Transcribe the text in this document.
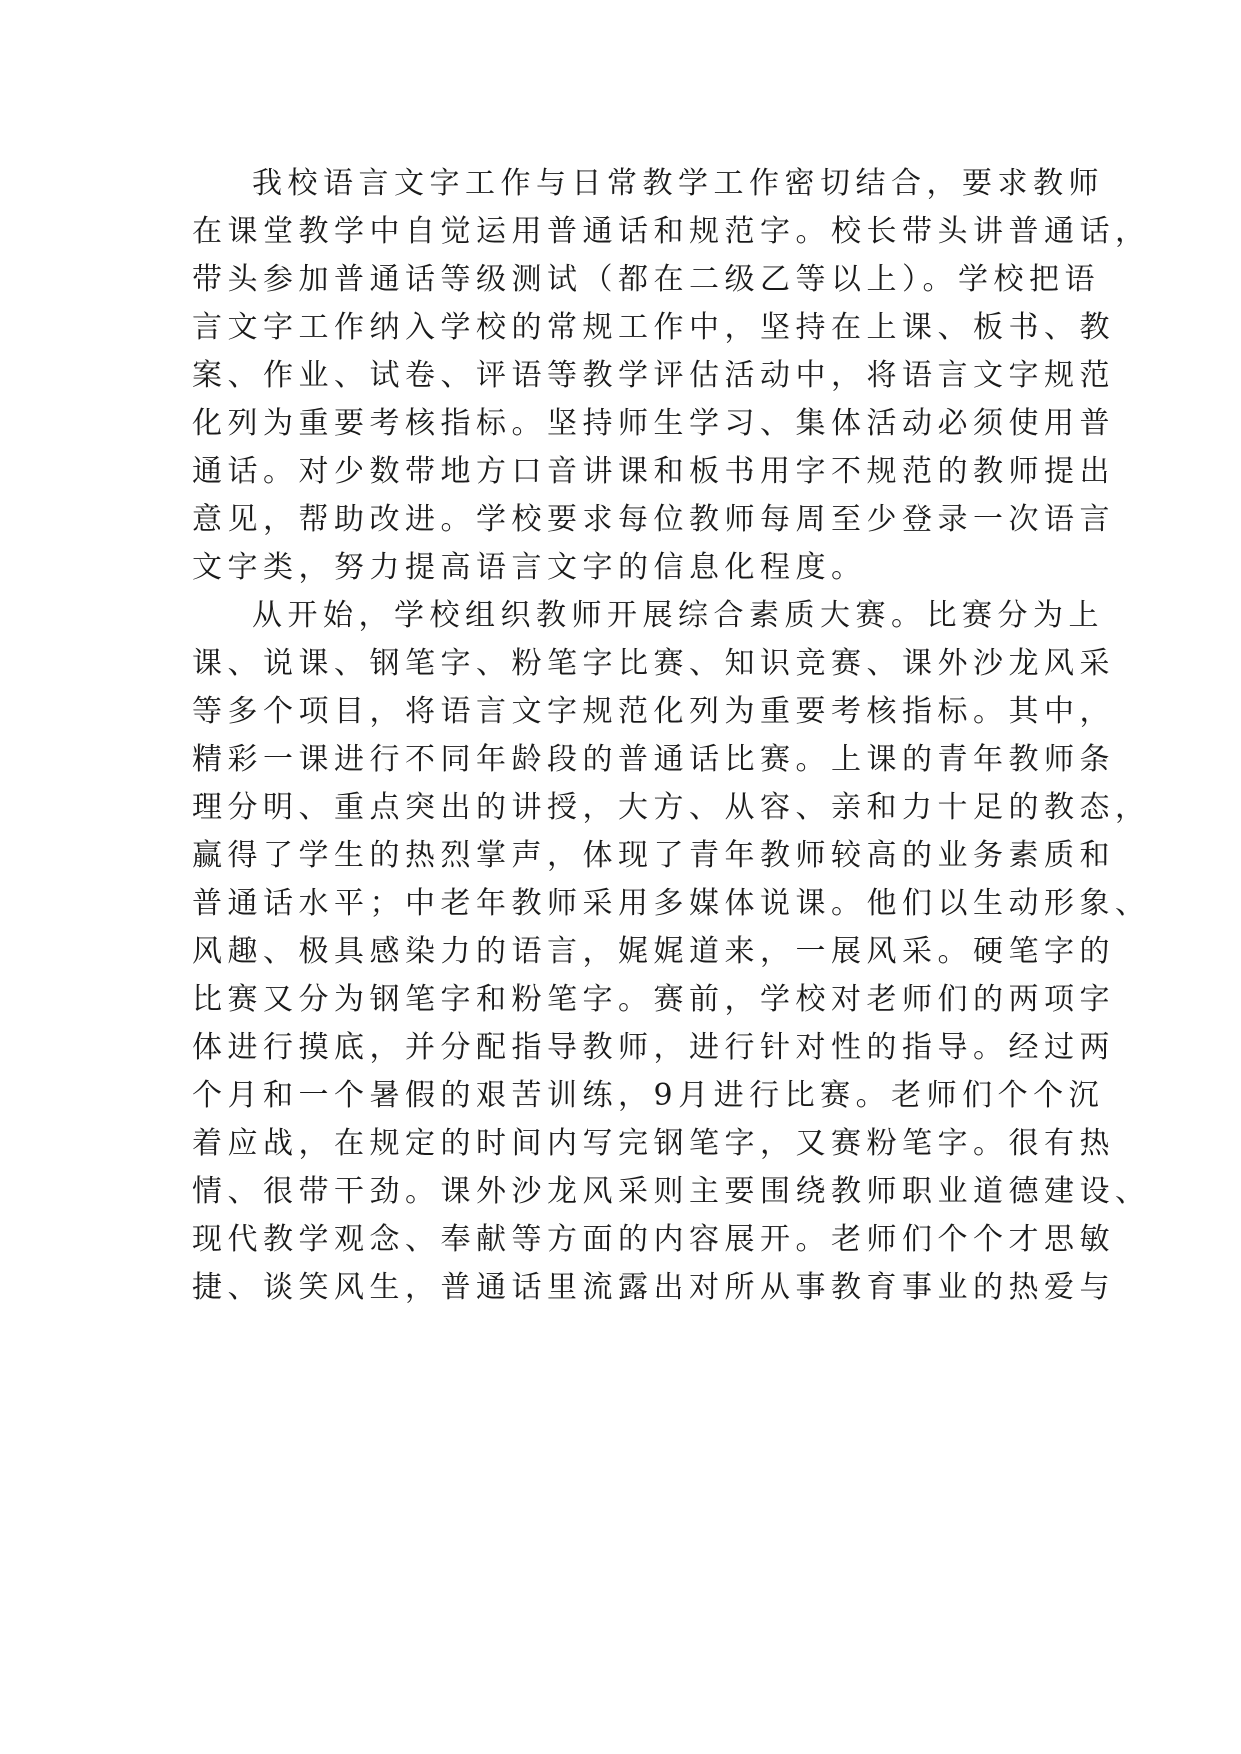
我校语言文字工作与日常教学工作密切结合，要求教师
在课堂教学中自觉运用普通话和规范字。校长带头讲普通话，
带头参加普通话等级测试（都在二级乙等以上）。学校把语
言文字工作纳入学校的常规工作中，坚持在上课、板书、教
案、作业、试卷、评语等教学评估活动中，将语言文字规范
化列为重要考核指标。坚持师生学习、集体活动必须使用普
通话。对少数带地方口音讲课和板书用字不规范的教师提出
意见，帮助改进。学校要求每位教师每周至少登录一次语言
文字类，努力提高语言文字的信息化程度。
从开始，学校组织教师开展综合素质大赛。比赛分为上
课、说课、钢笔字、粉笔字比赛、知识竞赛、课外沙龙风采
等多个项目，将语言文字规范化列为重要考核指标。其中，
精彩一课进行不同年龄段的普通话比赛。上课的青年教师条
理分明、重点突出的讲授，大方、从容、亲和力十足的教态，
赢得了学生的热烈掌声，体现了青年教师较高的业务素质和
普通话水平；中老年教师采用多媒体说课。他们以生动形象、
风趣、极具感染力的语言，娓娓道来，一展风采。硬笔字的
比赛又分为钢笔字和粉笔字。赛前，学校对老师们的两项字
体进行摸底，并分配指导教师，进行针对性的指导。经过两
个月和一个暑假的艰苦训练，9月进行比赛。老师们个个沉
着应战，在规定的时间内写完钢笔字，又赛粉笔字。很有热
情、很带干劲。课外沙龙风采则主要围绕教师职业道德建设、
现代教学观念、奉献等方面的内容展开。老师们个个才思敏
捷、谈笑风生，普通话里流露出对所从事教育事业的热爱与
